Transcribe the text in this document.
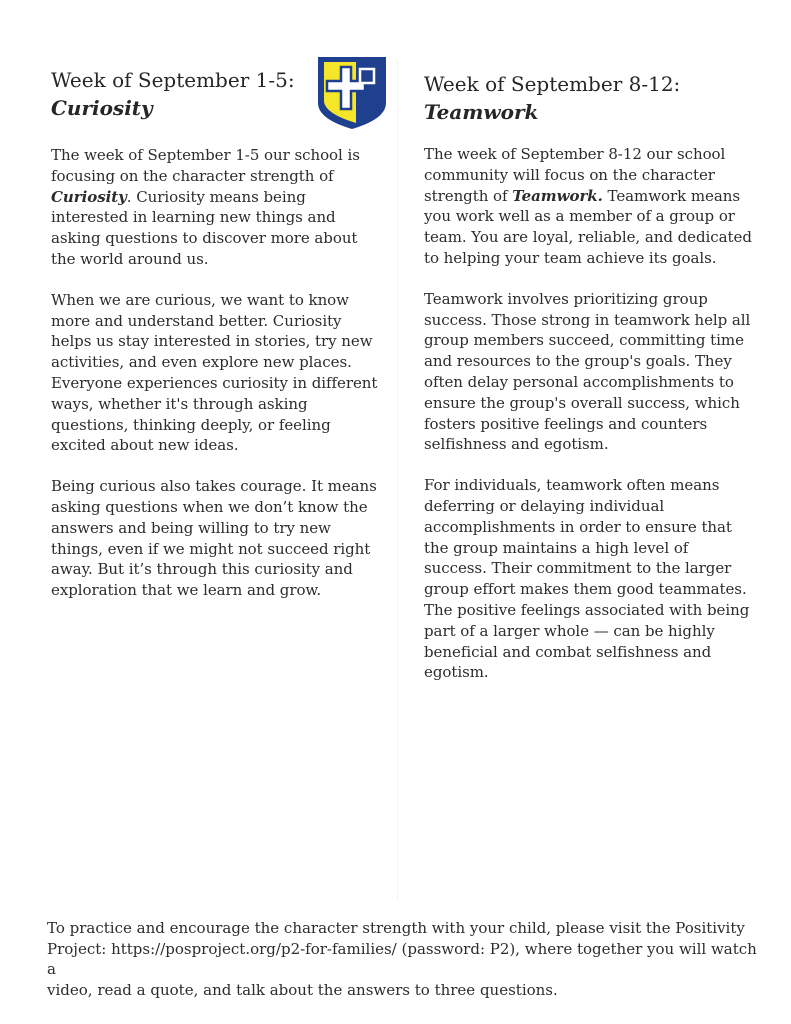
Week of September 1-5:
Curiosity

The week of September 1-5 our school is focusing on the character strength of Curiosity. Curiosity means being interested in learning new things and asking questions to discover more about the world around us.

When we are curious, we want to know more and understand better. Curiosity helps us stay interested in stories, try new activities, and even explore new places. Everyone experiences curiosity in different ways, whether it's through asking questions, thinking deeply, or feeling excited about new ideas.

Being curious also takes courage. It means asking questions when we don’t know the answers and being willing to try new things, even if we might not succeed right away. But it’s through this curiosity and exploration that we learn and grow.

Week of September 8-12:
Teamwork

The week of September 8-12 our school community will focus on the character strength of Teamwork. Teamwork means you work well as a member of a group or team. You are loyal, reliable, and dedicated to helping your team achieve its goals.

Teamwork involves prioritizing group success. Those strong in teamwork help all group members succeed, committing time and resources to the group's goals. They often delay personal accomplishments to ensure the group's overall success, which fosters positive feelings and counters selfishness and egotism.

For individuals, teamwork often means deferring or delaying individual accomplishments in order to ensure that the group maintains a high level of success. Their commitment to the larger group effort makes them good teammates. The positive feelings associated with being part of a larger whole — can be highly beneficial and combat selfishness and egotism.

To practice and encourage the character strength with your child, please visit the Positivity
Project: https://posproject.org/p2-for-families/ (password: P2), where together you will watch a
video, read a quote, and talk about the answers to three questions.
